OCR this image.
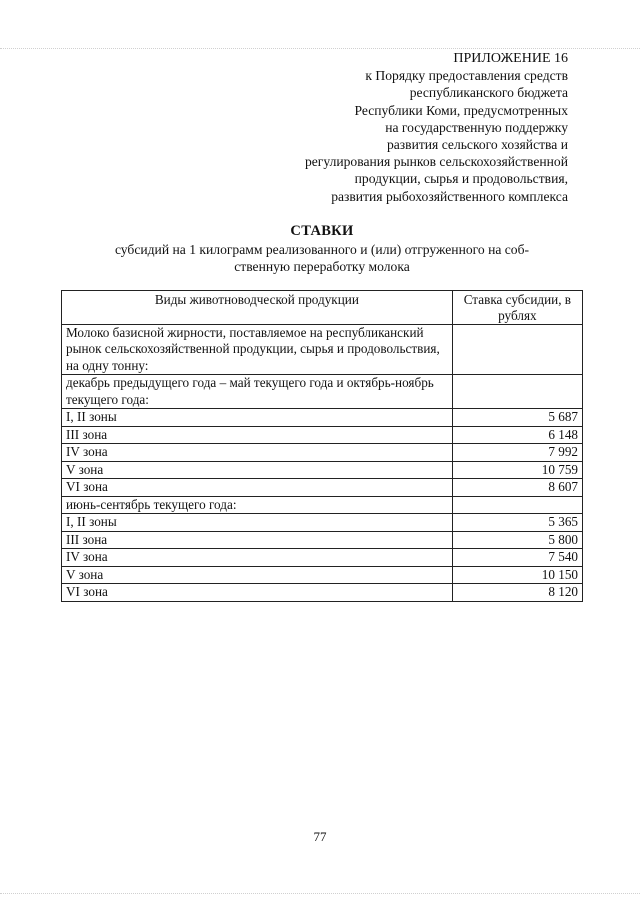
ПРИЛОЖЕНИЕ 16
к Порядку предоставления средств
республиканского бюджета
Республики Коми, предусмотренных
на государственную поддержку
развития сельского хозяйства и
регулирования рынков сельскохозяйственной
продукции, сырья и продовольствия,
развития рыбохозяйственного комплекса
СТАВКИ
субсидий на 1 килограмм реализованного и (или) отгруженного на соб-
ственную переработку молока
Виды животноводческой продукции	Ставка субсидии, в рублях
Молоко базисной жирности, поставляемое на республиканский рынок сельскохозяйственной продукции, сырья и продовольствия, на одну тонну:	
декабрь предыдущего года – май текущего года и октябрь-ноябрь текущего года:	
I, II зоны	5 687
III зона	6 148
IV зона	7 992
V зона	10 759
VI зона	8 607
июнь-сентябрь текущего года:	
I, II зоны	5 365
III зона	5 800
IV зона	7 540
V зона	10 150
VI зона	8 120
77
